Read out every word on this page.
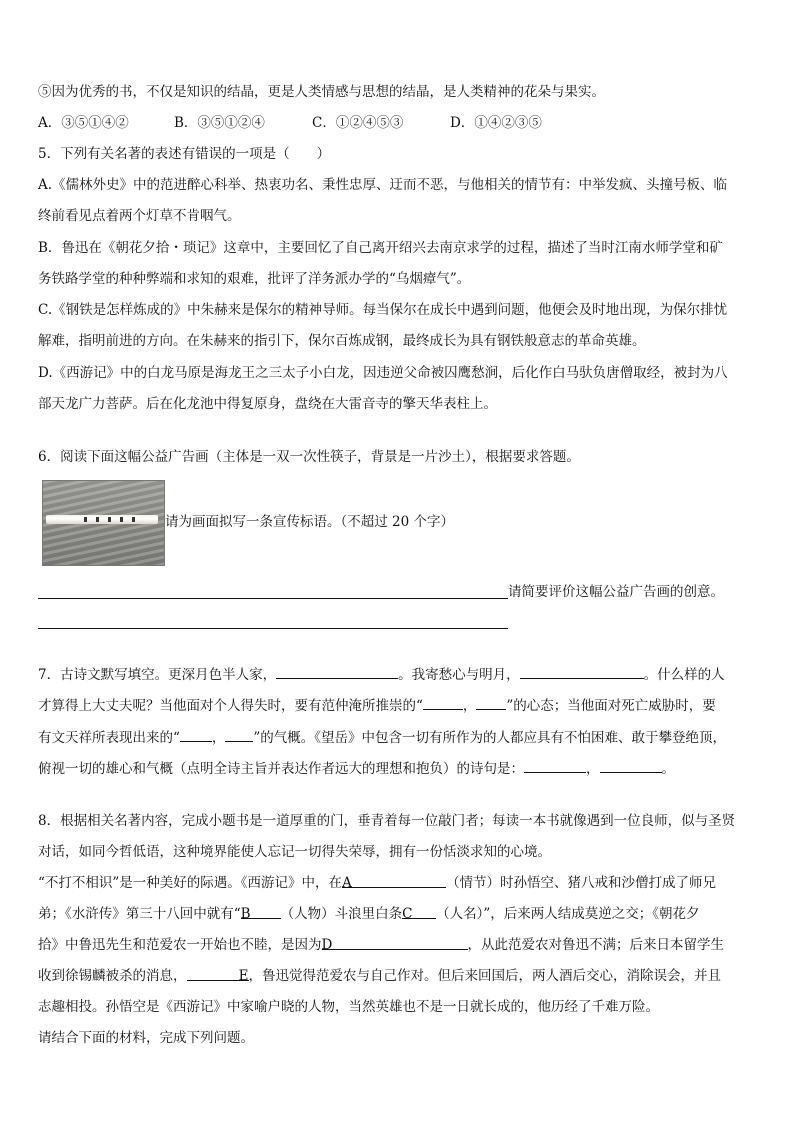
⑤因为优秀的书，不仅是知识的结晶，更是人类情感与思想的结晶，是人类精神的花朵与果实。
A．③⑤①④②	B．③⑤①②④	C．①②④⑤③	D．①④②③⑤
5．下列有关名著的表述有错误的一项是（　　）
A.《儒林外史》中的范进醉心科举、热衷功名、秉性忠厚、迂而不恶，与他相关的情节有：中举发疯、头撞号板、临
终前看见点着两个灯草不肯咽气。
B．鲁迅在《朝花夕拾・琐记》这章中，主要回忆了自己离开绍兴去南京求学的过程，描述了当时江南水师学堂和矿
务铁路学堂的种种弊端和求知的艰难，批评了洋务派办学的“乌烟瘴气”。
C.《钢铁是怎样炼成的》中朱赫来是保尔的精神导师。每当保尔在成长中遇到问题，他便会及时地出现，为保尔排忧
解难，指明前进的方向。在朱赫来的指引下，保尔百炼成钢，最终成长为具有钢铁般意志的革命英雄。
D.《西游记》中的白龙马原是海龙王之三太子小白龙，因违逆父命被囚鹰愁涧，后化作白马驮负唐僧取经，被封为八
部天龙广力菩萨。后在化龙池中得复原身，盘绕在大雷音寺的擎天华表柱上。
6．阅读下面这幅公益广告画（主体是一双一次性筷子，背景是一片沙土），根据要求答题。
请为画面拟写一条宣传标语。（不超过 20 个字）
请简要评价这幅公益广告画的创意。
7．古诗文默写填空。更深月色半人家，	。我寄愁心与明月，	。什么样的人
才算得上大丈夫呢？当他面对个人得失时，要有范仲淹所推崇的“	， ”的心态；当他面对死亡威胁时，要
有文天祥所表现出来的“ ， ”的气概。《望岳》中包含一切有所作为的人都应具有不怕困难、敢于攀登绝顶，
俯视一切的雄心和气概（点明全诗主旨并表达作者远大的理想和抱负）的诗句是：	，	。
8．根据相关名著内容，完成小题书是一道厚重的门，垂青着每一位敲门者；每读一本书就像遇到一位良师，似与圣贤
对话，如同今哲低语，这种境界能使人忘记一切得失荣辱，拥有一份恬淡求知的心境。
“不打不相识”是一种美好的际遇。《西游记》中，在A	（情节）时孙悟空、猪八戒和沙僧打成了师兄
弟；《水浒传》第三十八回中就有“B （人物）斗浪里白条C （人名）”，后来两人结成莫逆之交；《朝花夕
拾》中鲁迅先生和范爱农一开始也不睦，是因为D	，从此范爱农对鲁迅不满；后来日本留学生
收到徐锡麟被杀的消息，	E，鲁迅觉得范爱农与自己作对。但后来回国后，两人酒后交心，消除误会，并且
志趣相投。孙悟空是《西游记》中家喻户晓的人物，当然英雄也不是一日就长成的，他历经了千难万险。
请结合下面的材料，完成下列问题。
